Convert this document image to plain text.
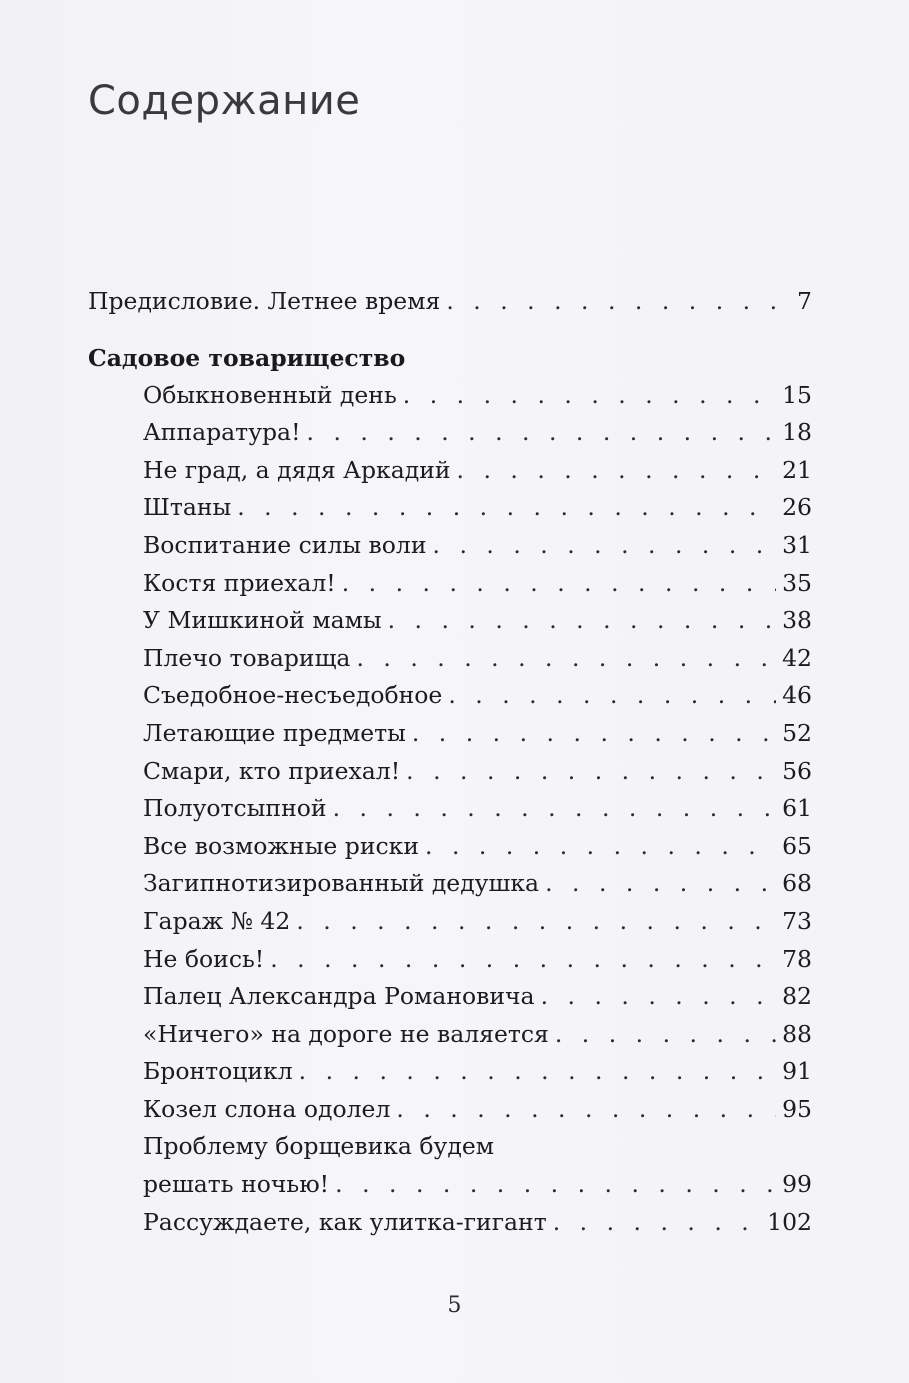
Содержание
Предисловие. Летнее время . . .	7
Садовое товарищество
Обыкновенный день . . .	15
Аппаратура! . . .	18
Не град, а дядя Аркадий . . .	21
Штаны . . .	26
Воспитание силы воли . . .	31
Костя приехал! . . .	35
У Мишкиной мамы . . .	38
Плечо товарища . . .	42
Съедобное-несъедобное . . .	46
Летающие предметы . . .	52
Смари, кто приехал! . . .	56
Полуотсыпной . . .	61
Все возможные риски . . .	65
Загипнотизированный дедушка . . .	68
Гараж № 42 . . .	73
Не боись! . . .	78
Палец Александра Романовича . . .	82
«Ничего» на дороге не валяется . . .	88
Бронтоцикл . . .	91
Козел слона одолел . . .	95
Проблему борщевика будем
решать ночью! . . .	99
Рассуждаете, как улитка-гигант . . .	102
5
